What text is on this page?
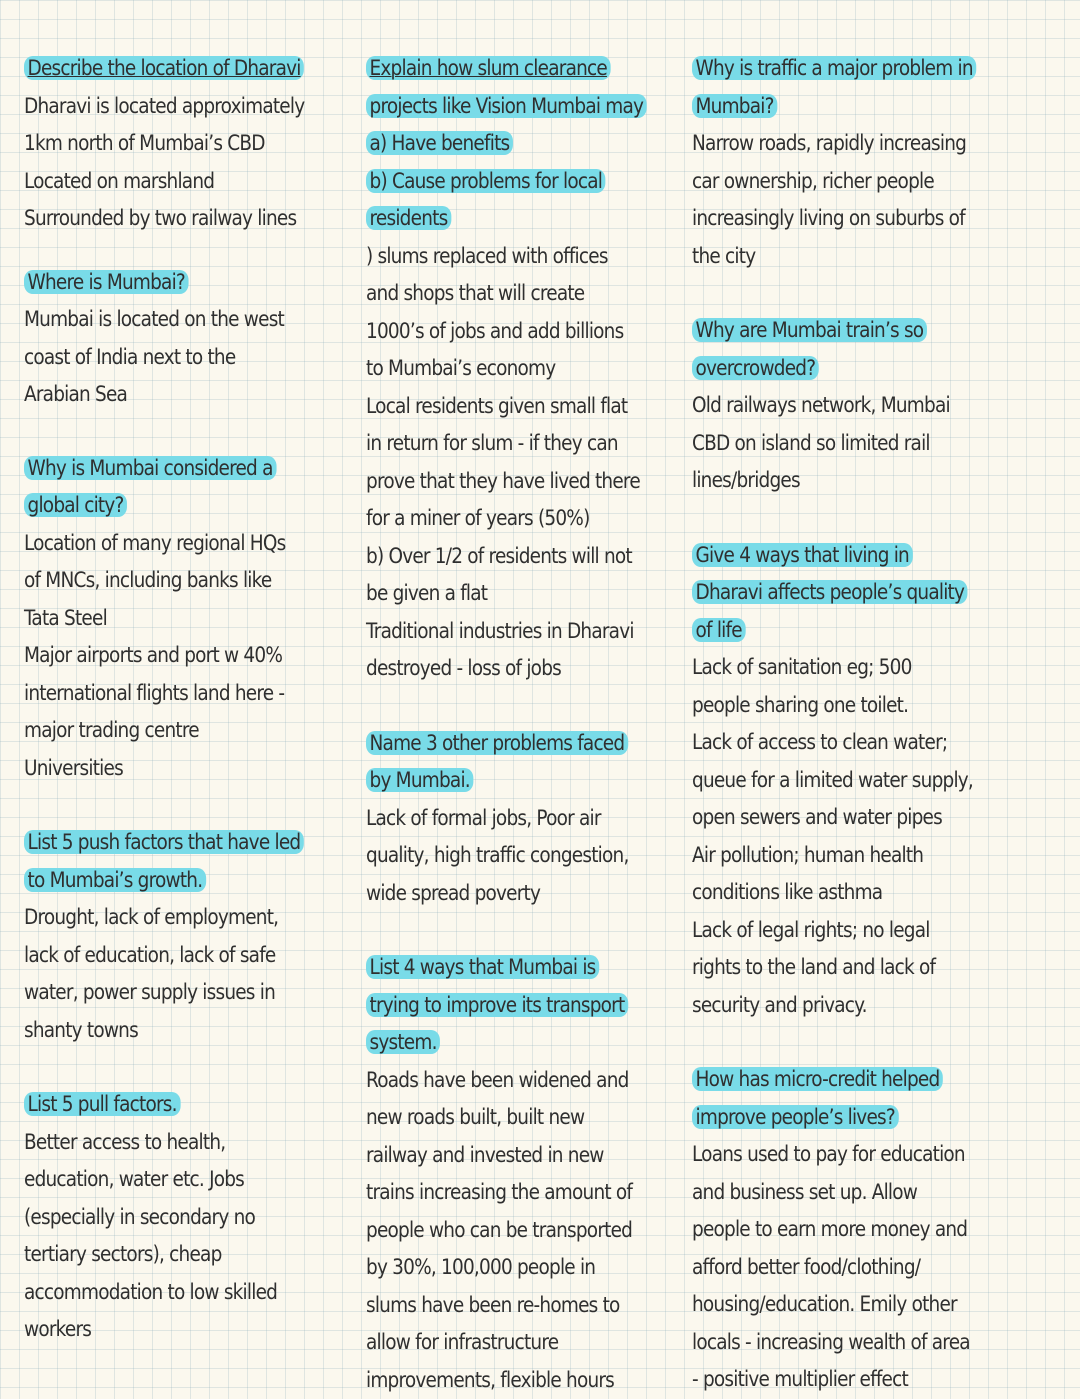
Describe the location of Dharavi
Dharavi is located approximately
1km north of Mumbai’s CBD
Located on marshland
Surrounded by two railway lines
Where is Mumbai?
Mumbai is located on the west
coast of India next to the
Arabian Sea
Why is Mumbai considered a
global city?
Location of many regional HQs
of MNCs, including banks like
Tata Steel
Major airports and port w 40%
international flights land here -
major trading centre
Universities
List 5 push factors that have led
to Mumbai’s growth.
Drought, lack of employment,
lack of education, lack of safe
water, power supply issues in
shanty towns
List 5 pull factors.
Better access to health,
education, water etc. Jobs
(especially in secondary no
tertiary sectors), cheap
accommodation to low skilled
workers
Explain how slum clearance
projects like Vision Mumbai may
a) Have benefits
b) Cause problems for local
residents
) slums replaced with offices
and shops that will create
1000’s of jobs and add billions
to Mumbai’s economy
Local residents given small flat
in return for slum - if they can
prove that they have lived there
for a miner of years (50%)
b) Over 1/2 of residents will not
be given a flat
Traditional industries in Dharavi
destroyed - loss of jobs
Name 3 other problems faced
by Mumbai.
Lack of formal jobs, Poor air
quality, high traffic congestion,
wide spread poverty
List 4 ways that Mumbai is
trying to improve its transport
system.
Roads have been widened and
new roads built, built new
railway and invested in new
trains increasing the amount of
people who can be transported
by 30%, 100,000 people in
slums have been re-homes to
allow for infrastructure
improvements, flexible hours
Why is traffic a major problem in
Mumbai?
Narrow roads, rapidly increasing
car ownership, richer people
increasingly living on suburbs of
the city
Why are Mumbai train’s so
overcrowded?
Old railways network, Mumbai
CBD on island so limited rail
lines/bridges
Give 4 ways that living in
Dharavi affects people’s quality
of life
Lack of sanitation eg; 500
people sharing one toilet.
Lack of access to clean water;
queue for a limited water supply,
open sewers and water pipes
Air pollution; human health
conditions like asthma
Lack of legal rights; no legal
rights to the land and lack of
security and privacy.
How has micro-credit helped
improve people’s lives?
Loans used to pay for education
and business set up. Allow
people to earn more money and
afford better food/clothing/
housing/education. Emily other
locals - increasing wealth of area
- positive multiplier effect
